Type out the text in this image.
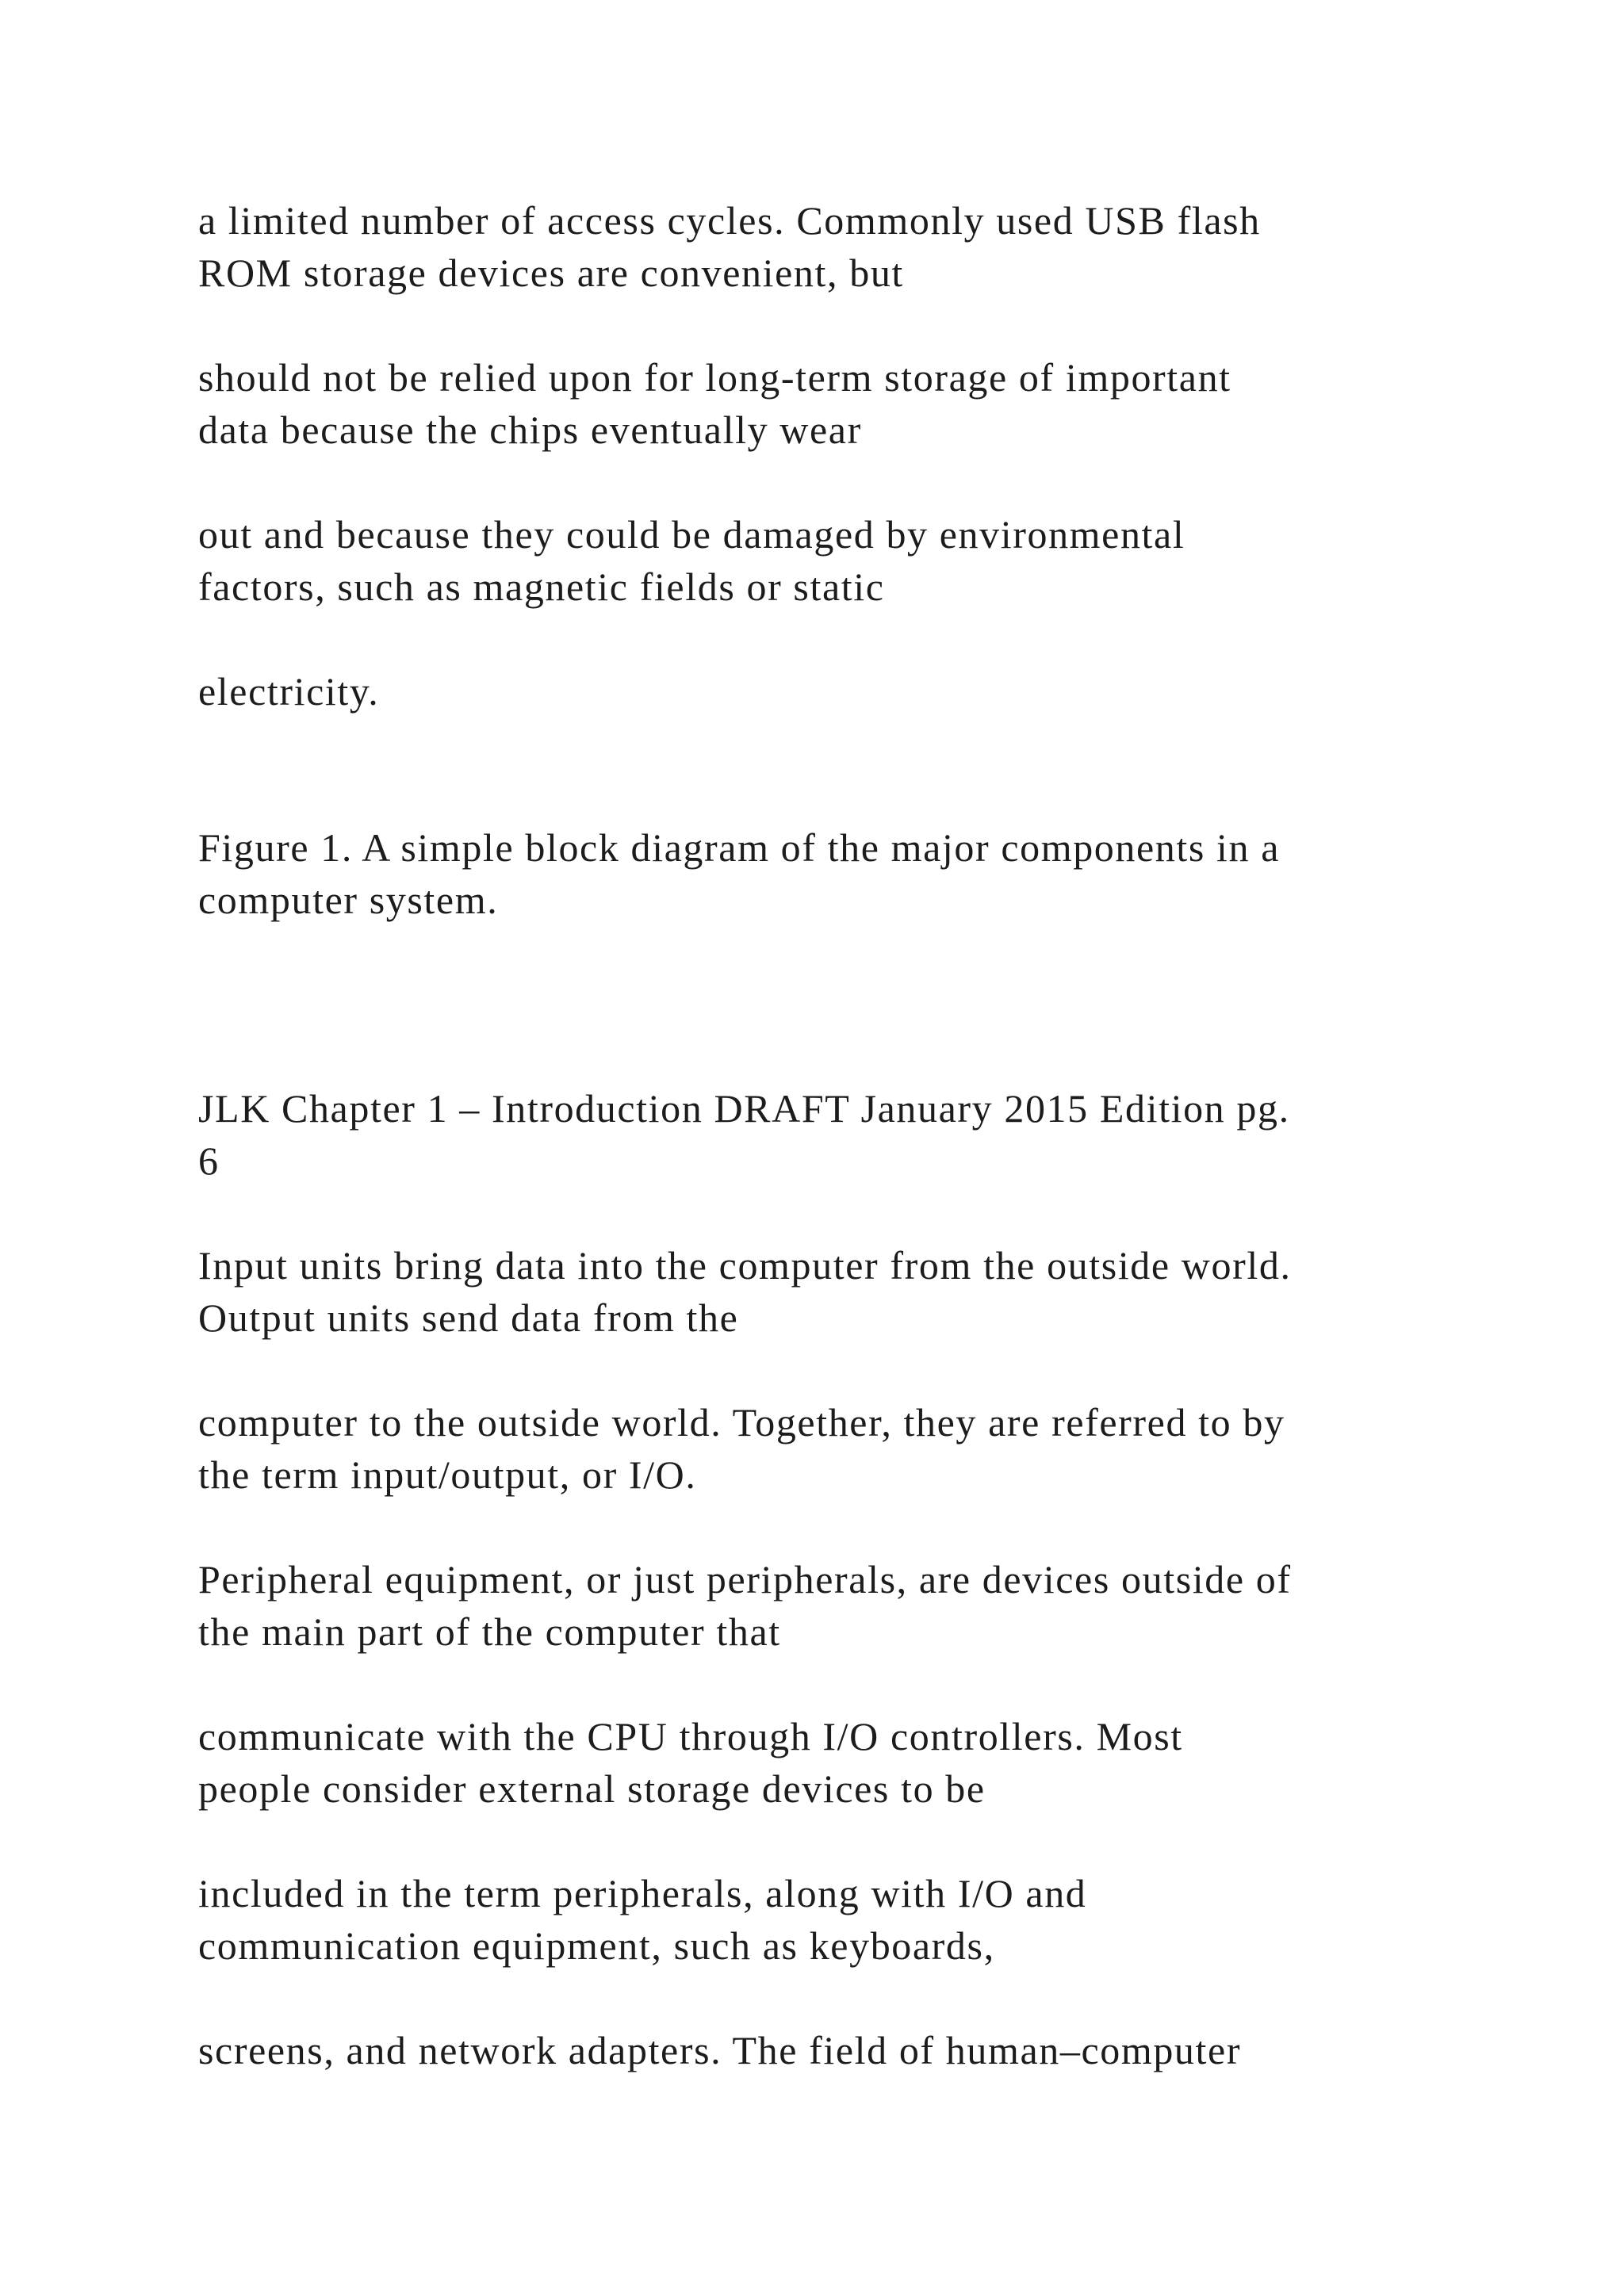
a limited number of access cycles. Commonly used USB flash
ROM storage devices are convenient, but

should not be relied upon for long-term storage of important
data because the chips eventually wear

out and because they could be damaged by environmental
factors, such as magnetic fields or static

electricity.

Figure 1. A simple block diagram of the major components in a
computer system.

JLK Chapter 1 – Introduction DRAFT January 2015 Edition pg.
6

Input units bring data into the computer from the outside world.
Output units send data from the

computer to the outside world. Together, they are referred to by
the term input/output, or I/O.

Peripheral equipment, or just peripherals, are devices outside of
the main part of the computer that

communicate with the CPU through I/O controllers. Most
people consider external storage devices to be

included in the term peripherals, along with I/O and
communication equipment, such as keyboards,

screens, and network adapters. The field of human–computer
